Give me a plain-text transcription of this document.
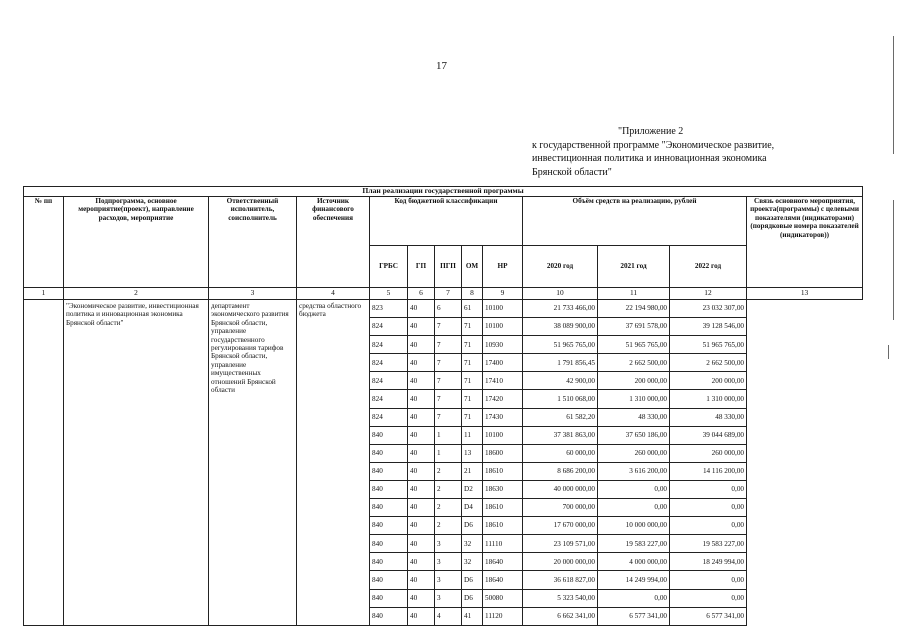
17
"Приложение 2
к государственной программе "Экономическое развитие,
инвестиционная политика и инновационная экономика
Брянской области"
План реализации государственной программы												
№ пп	Подпрограмма, основное мероприятие(проект), направление расходов, мероприятие	Ответственный исполнитель, соисполнитель	Источник финансового обеспечения	Код бюджетной классификации					Объём средств на реализацию, рублей			Связь основного мероприятия, проекта(программы) с целевыми показателями (индикаторами) (порядковые номера показателей (индикаторов))
				ГРБС	ГП	ПГП	ОМ	НР	2020 год	2021 год	2022 год	
1	2	3	4	5	6	7	8	9	10	11	12	13
	"Экономическое развитие, инвестиционная политика и инновационная экономика Брянской области"	департамент экономического развития Брянской области, управление государственного регулирования тарифов Брянской области, управление имущественных отношений Брянской области	средства областного бюджета	823	40	6	61	10100	21 733 466,00	22 194 980,00	23 032 307,00	
				824	40	7	71	10100	38 089 900,00	37 691 578,00	39 128 546,00	
				824	40	7	71	10930	51 965 765,00	51 965 765,00	51 965 765,00	
				824	40	7	71	17400	1 791 856,45	2 662 500,00	2 662 500,00	
				824	40	7	71	17410	42 900,00	200 000,00	200 000,00	
				824	40	7	71	17420	1 510 068,00	1 310 000,00	1 310 000,00	
				824	40	7	71	17430	61 582,20	48 330,00	48 330,00	
				840	40	1	11	10100	37 381 863,00	37 650 186,00	39 044 689,00	
				840	40	1	13	18600	60 000,00	260 000,00	260 000,00	
				840	40	2	21	18610	8 686 200,00	3 616 200,00	14 116 200,00	
				840	40	2	D2	18630	40 000 000,00	0,00	0,00	
				840	40	2	D4	18610	700 000,00	0,00	0,00	
				840	40	2	D6	18610	17 670 000,00	10 000 000,00	0,00	
				840	40	3	32	11110	23 109 571,00	19 583 227,00	19 583 227,00	
				840	40	3	32	18640	20 000 000,00	4 000 000,00	18 249 994,00	
				840	40	3	D6	18640	36 618 827,00	14 249 994,00	0,00	
				840	40	3	D6	50080	5 323 540,00	0,00	0,00	
				840	40	4	41	11120	6 662 341,00	6 577 341,00	6 577 341,00	
